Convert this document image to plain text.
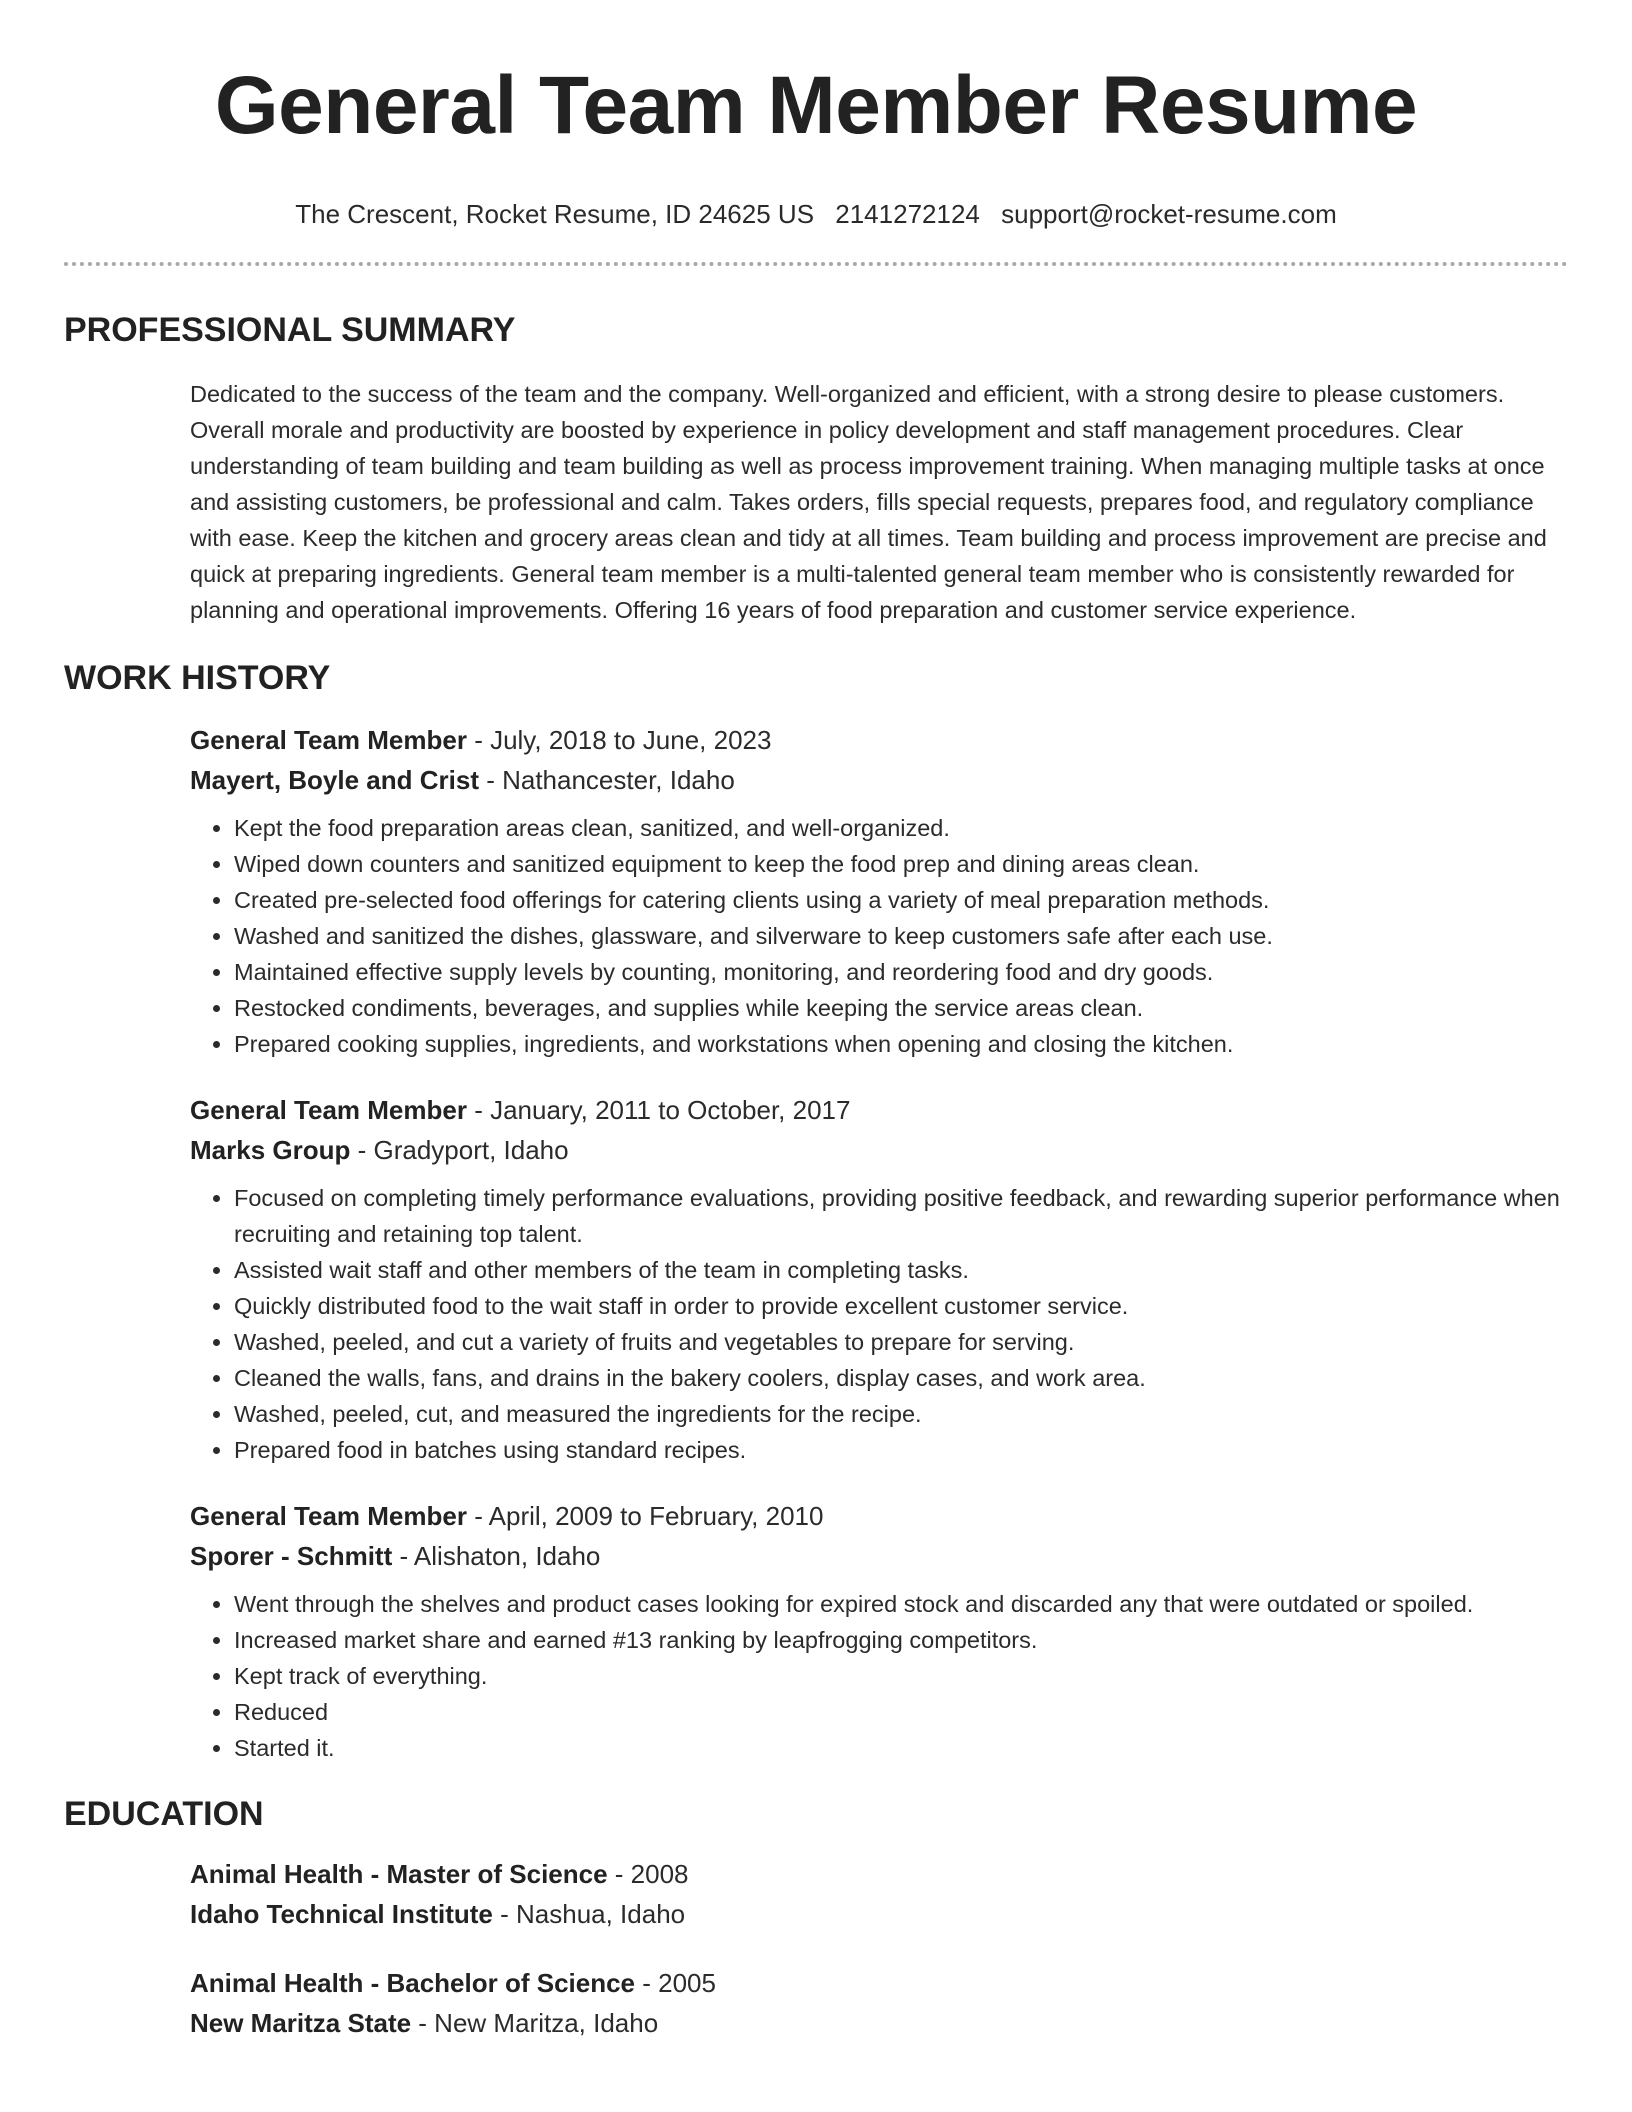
General Team Member Resume
The Crescent, Rocket Resume, ID 24625 US 2141272124 support@rocket-resume.com
PROFESSIONAL SUMMARY

Dedicated to the success of the team and the company. Well-organized and efficient, with a strong desire to please customers. Overall morale and productivity are boosted by experience in policy development and staff management procedures. Clear understanding of team building and team building as well as process improvement training. When managing multiple tasks at once and assisting customers, be professional and calm. Takes orders, fills special requests, prepares food, and regulatory compliance with ease. Keep the kitchen and grocery areas clean and tidy at all times. Team building and process improvement are precise and quick at preparing ingredients. General team member is a multi-talented general team member who is consistently rewarded for planning and operational improvements. Offering 16 years of food preparation and customer service experience.

WORK HISTORY
General Team Member - July, 2018 to June, 2023
Mayert, Boyle and Crist - Nathancester, Idaho
• Kept the food preparation areas clean, sanitized, and well-organized.
• Wiped down counters and sanitized equipment to keep the food prep and dining areas clean.
• Created pre-selected food offerings for catering clients using a variety of meal preparation methods.
• Washed and sanitized the dishes, glassware, and silverware to keep customers safe after each use.
• Maintained effective supply levels by counting, monitoring, and reordering food and dry goods.
• Restocked condiments, beverages, and supplies while keeping the service areas clean.
• Prepared cooking supplies, ingredients, and workstations when opening and closing the kitchen.
General Team Member - January, 2011 to October, 2017
Marks Group - Gradyport, Idaho
• Focused on completing timely performance evaluations, providing positive feedback, and rewarding superior performance when recruiting and retaining top talent.
• Assisted wait staff and other members of the team in completing tasks.
• Quickly distributed food to the wait staff in order to provide excellent customer service.
• Washed, peeled, and cut a variety of fruits and vegetables to prepare for serving.
• Cleaned the walls, fans, and drains in the bakery coolers, display cases, and work area.
• Washed, peeled, cut, and measured the ingredients for the recipe.
• Prepared food in batches using standard recipes.
General Team Member - April, 2009 to February, 2010
Sporer - Schmitt - Alishaton, Idaho
• Went through the shelves and product cases looking for expired stock and discarded any that were outdated or spoiled.
• Increased market share and earned #13 ranking by leapfrogging competitors.
• Kept track of everything.
• Reduced
• Started it.
EDUCATION
Animal Health - Master of Science - 2008
Idaho Technical Institute - Nashua, Idaho
Animal Health - Bachelor of Science - 2005
New Maritza State - New Maritza, Idaho
